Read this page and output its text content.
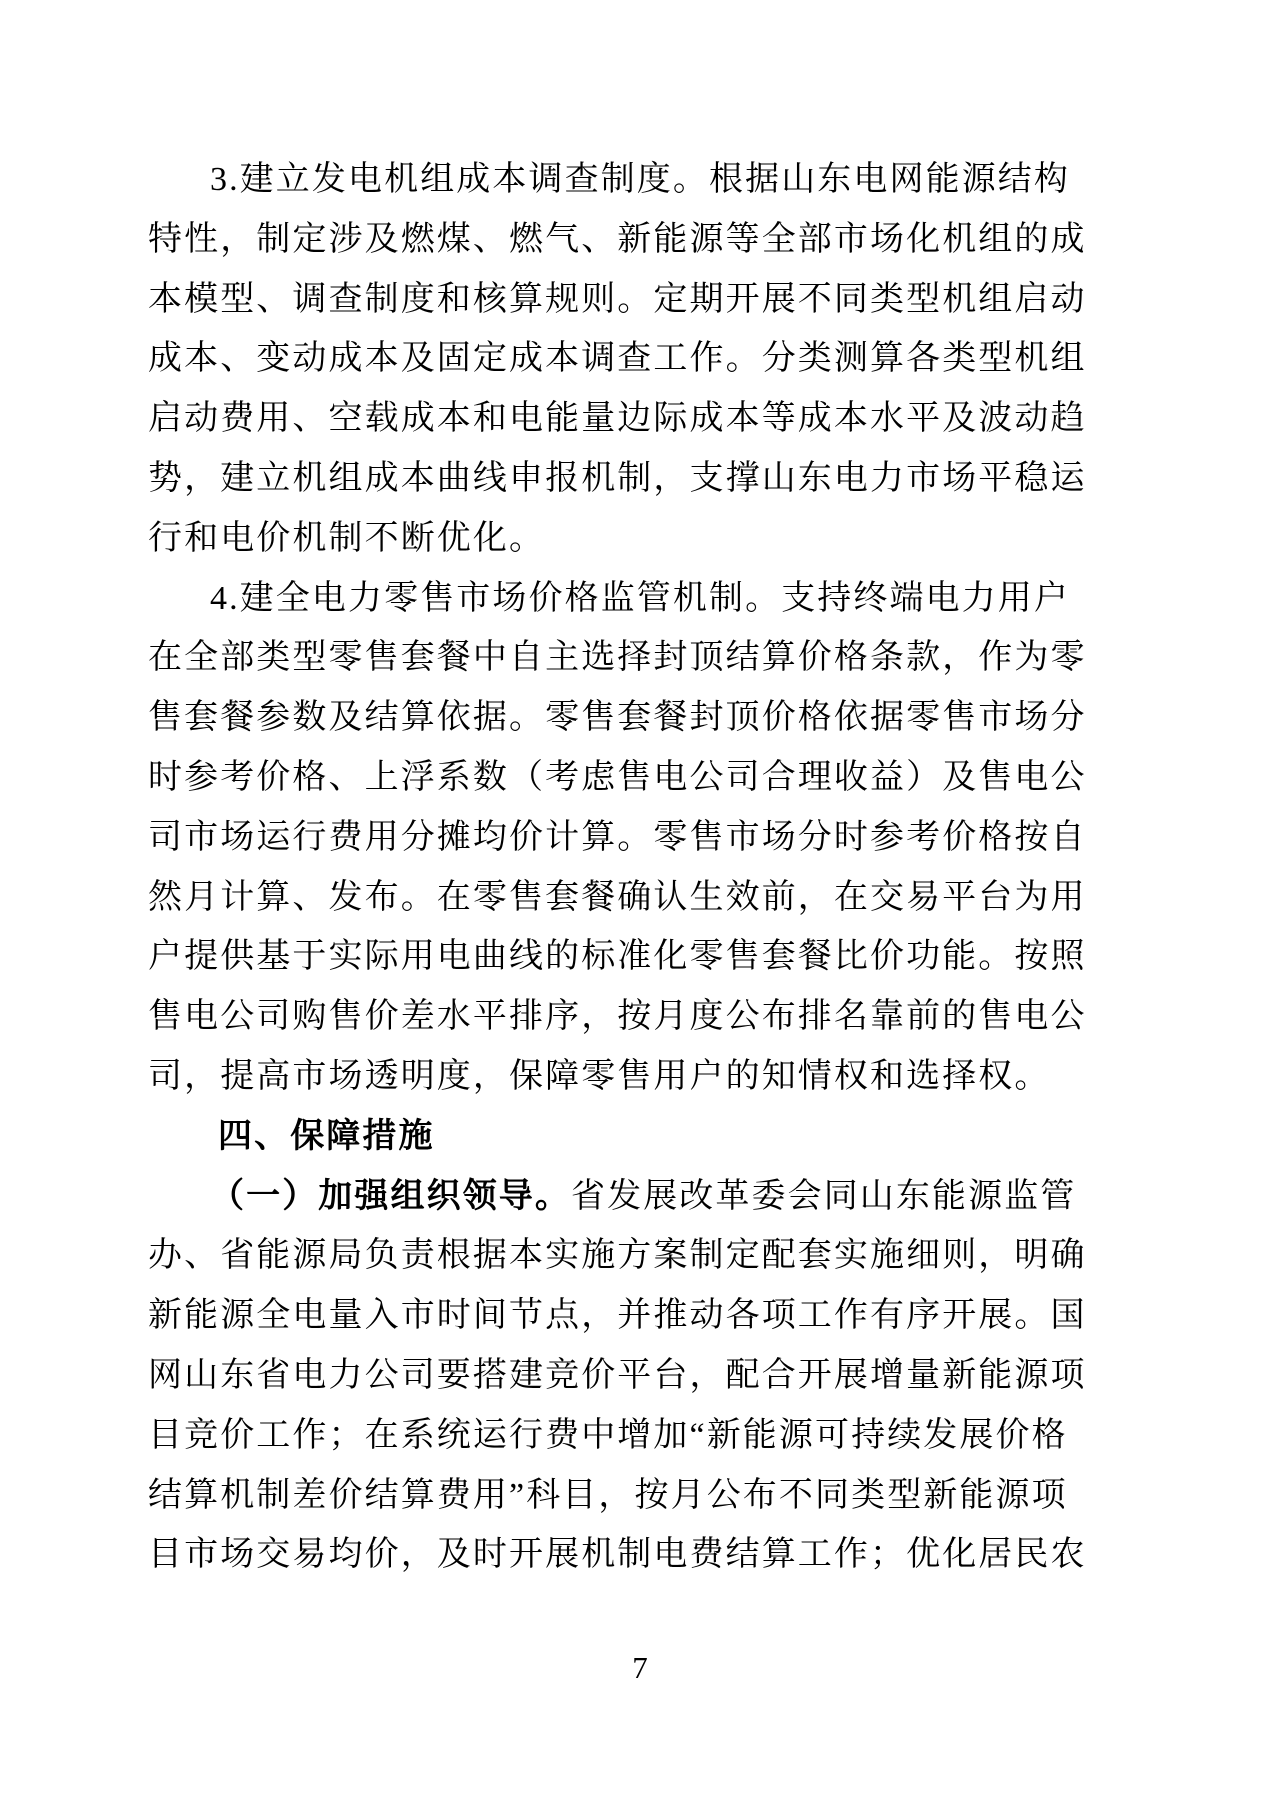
3.建立发电机组成本调查制度。根据山东电网能源结构
特性，制定涉及燃煤、燃气、新能源等全部市场化机组的成
本模型、调查制度和核算规则。定期开展不同类型机组启动
成本、变动成本及固定成本调查工作。分类测算各类型机组
启动费用、空载成本和电能量边际成本等成本水平及波动趋
势，建立机组成本曲线申报机制，支撑山东电力市场平稳运
行和电价机制不断优化。
4.建全电力零售市场价格监管机制。支持终端电力用户
在全部类型零售套餐中自主选择封顶结算价格条款，作为零
售套餐参数及结算依据。零售套餐封顶价格依据零售市场分
时参考价格、上浮系数（考虑售电公司合理收益）及售电公
司市场运行费用分摊均价计算。零售市场分时参考价格按自
然月计算、发布。在零售套餐确认生效前，在交易平台为用
户提供基于实际用电曲线的标准化零售套餐比价功能。按照
售电公司购售价差水平排序，按月度公布排名靠前的售电公
司，提高市场透明度，保障零售用户的知情权和选择权。
四、保障措施
（一）加强组织领导。省发展改革委会同山东能源监管
办、省能源局负责根据本实施方案制定配套实施细则，明确
新能源全电量入市时间节点，并推动各项工作有序开展。国
网山东省电力公司要搭建竞价平台，配合开展增量新能源项
目竞价工作；在系统运行费中增加“新能源可持续发展价格
结算机制差价结算费用”科目，按月公布不同类型新能源项
目市场交易均价，及时开展机制电费结算工作；优化居民农
7
